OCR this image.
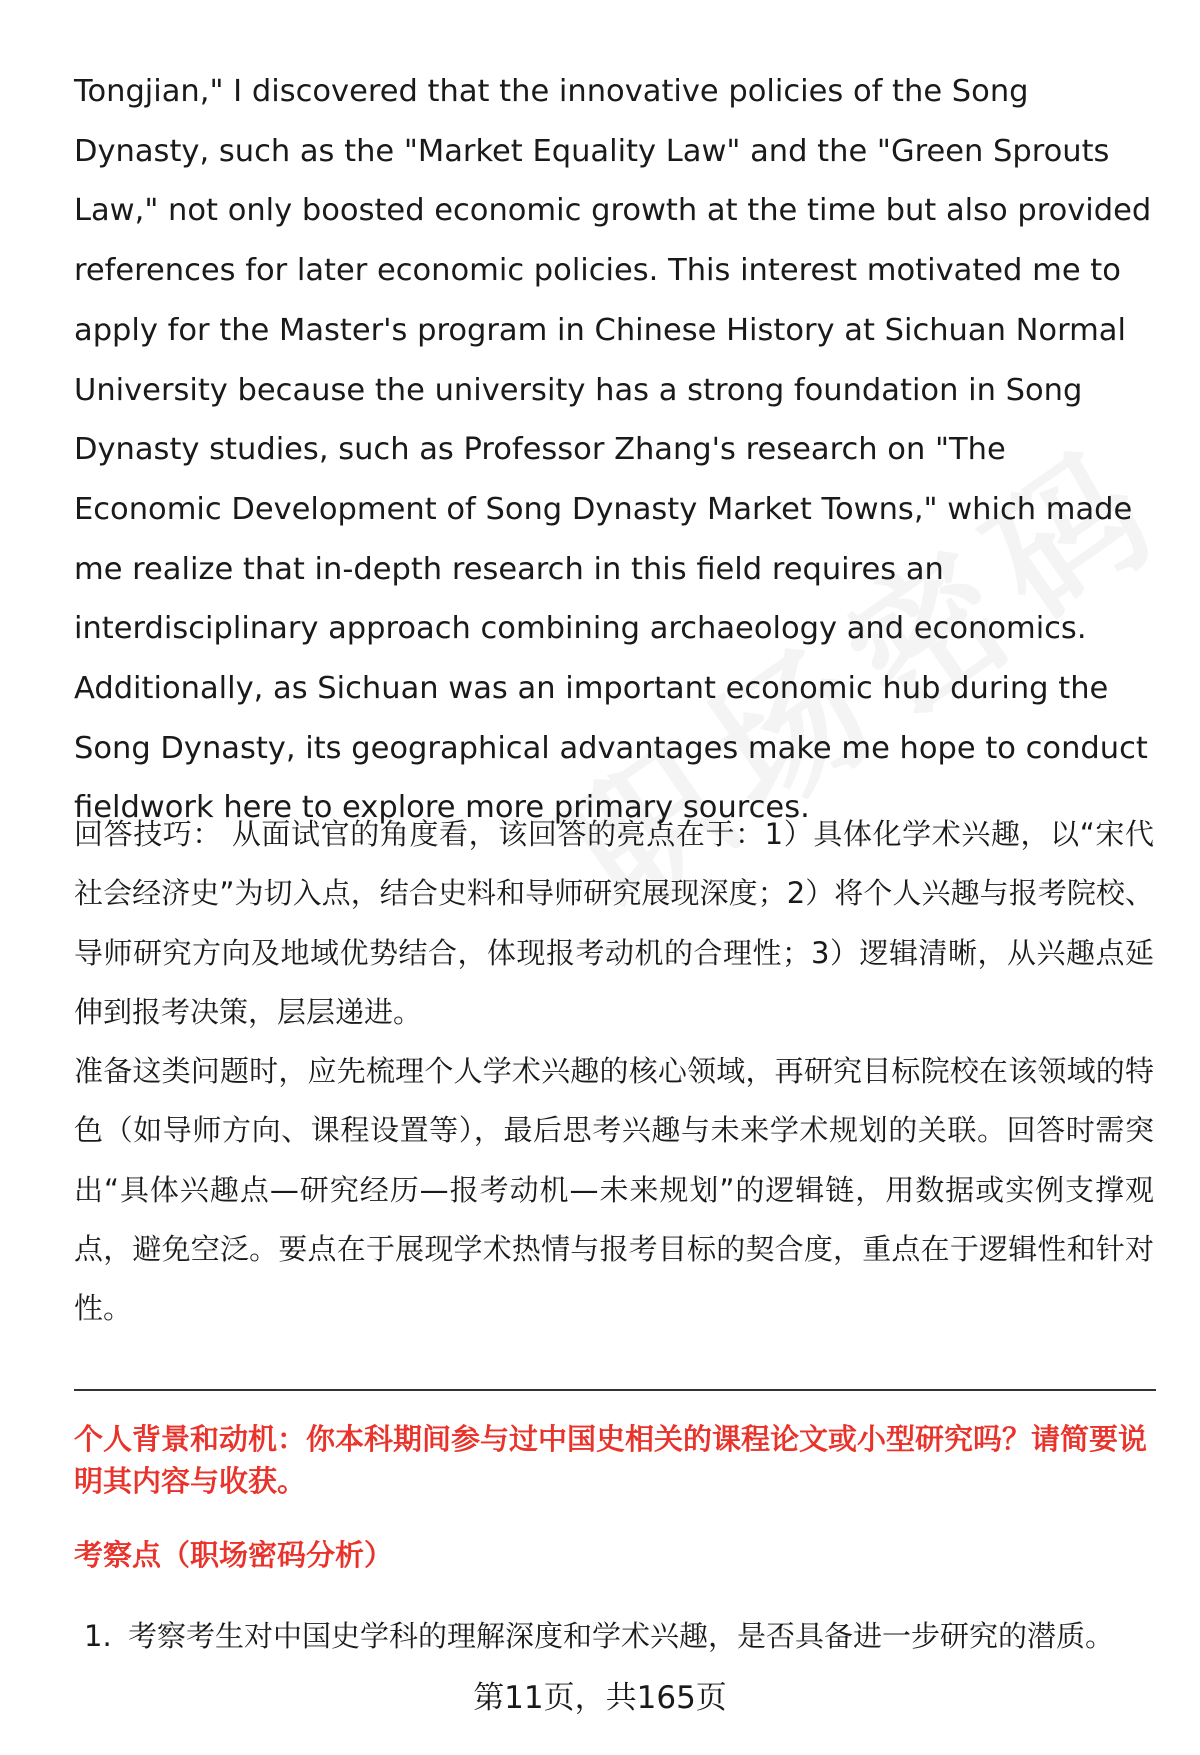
Tongjian," I discovered that the innovative policies of the Song Dynasty, such as the "Market Equality Law" and the "Green Sprouts Law," not only boosted economic growth at the time but also provided references for later economic policies. This interest motivated me to apply for the Master's program in Chinese History at Sichuan Normal University because the university has a strong foundation in Song Dynasty studies, such as Professor Zhang's research on "The Economic Development of Song Dynasty Market Towns," which made me realize that in-depth research in this field requires an interdisciplinary approach combining archaeology and economics. Additionally, as Sichuan was an important economic hub during the Song Dynasty, its geographical advantages make me hope to conduct fieldwork here to explore more primary sources.

回答技巧： 从面试官的角度看，该回答的亮点在于：1）具体化学术兴趣，以“宋代社会经济史”为切入点，结合史料和导师研究展现深度；2）将个人兴趣与报考院校、导师研究方向及地域优势结合，体现报考动机的合理性；3）逻辑清晰，从兴趣点延伸到报考决策，层层递进。

准备这类问题时，应先梳理个人学术兴趣的核心领域，再研究目标院校在该领域的特色（如导师方向、课程设置等），最后思考兴趣与未来学术规划的关联。回答时需突出“具体兴趣点—研究经历—报考动机—未来规划”的逻辑链，用数据或实例支撑观点，避免空泛。要点在于展现学术热情与报考目标的契合度，重点在于逻辑性和针对性。

个人背景和动机：你本科期间参与过中国史相关的课程论文或小型研究吗？请简要说明其内容与收获。

考察点（职场密码分析）

1. 考察考生对中国史学科的理解深度和学术兴趣，是否具备进一步研究的潜质。
第11页，共165页
